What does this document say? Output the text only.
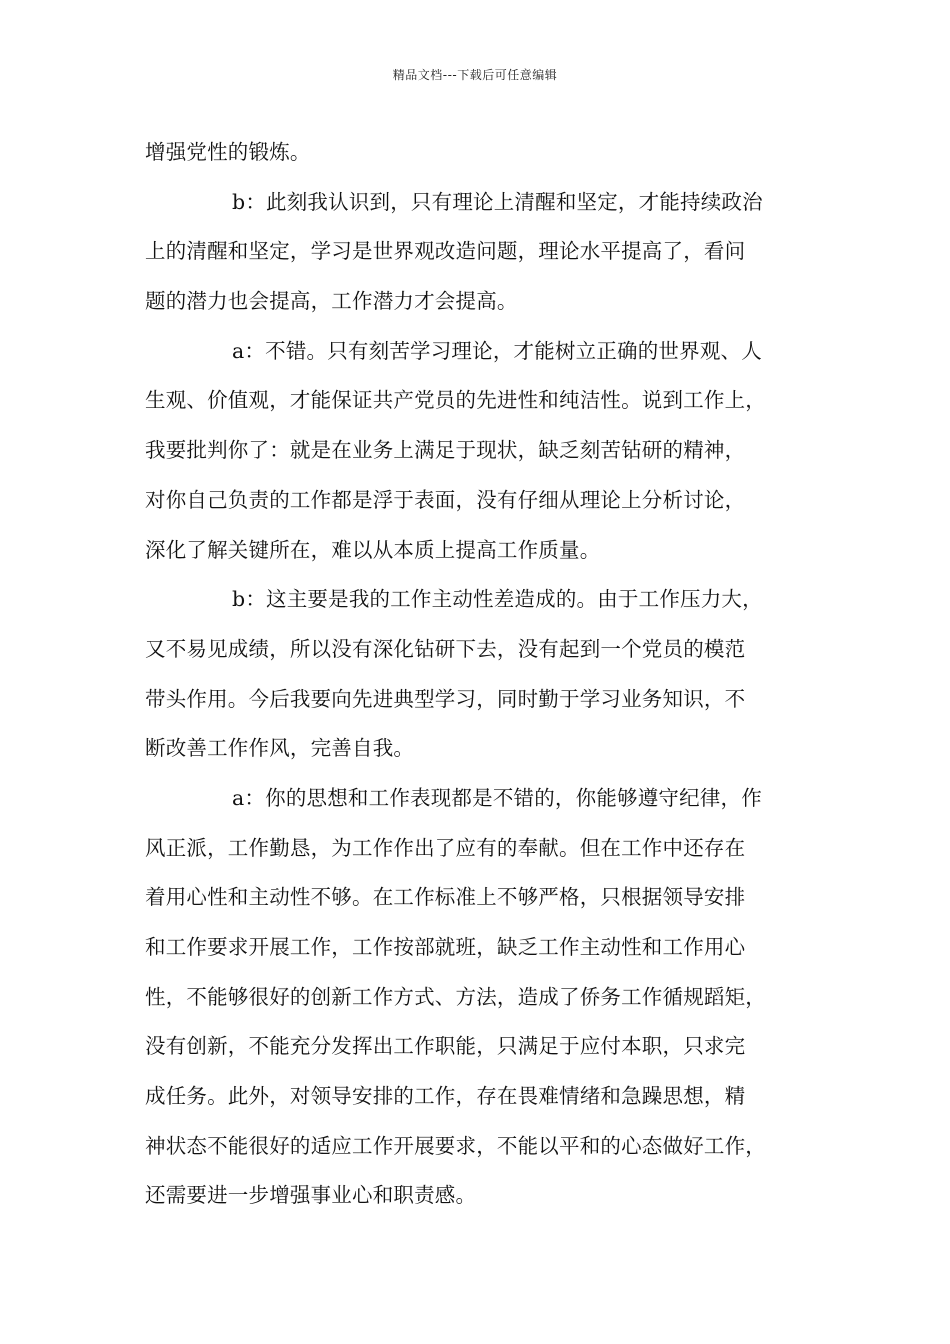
精品文档---下载后可任意编辑
增强党性的锻炼。
b：此刻我认识到，只有理论上清醒和坚定，才能持续政治
上的清醒和坚定，学习是世界观改造问题，理论水平提高了，看问
题的潜力也会提高，工作潜力才会提高。
a：不错。只有刻苦学习理论，才能树立正确的世界观、人
生观、价值观，才能保证共产党员的先进性和纯洁性。说到工作上，
我要批判你了：就是在业务上满足于现状，缺乏刻苦钻研的精神，
对你自己负责的工作都是浮于表面，没有仔细从理论上分析讨论，
深化了解关键所在，难以从本质上提高工作质量。
b：这主要是我的工作主动性差造成的。由于工作压力大，
又不易见成绩，所以没有深化钻研下去，没有起到一个党员的模范
带头作用。今后我要向先进典型学习，同时勤于学习业务知识，不
断改善工作作风，完善自我。
a：你的思想和工作表现都是不错的，你能够遵守纪律，作
风正派，工作勤恳，为工作作出了应有的奉献。但在工作中还存在
着用心性和主动性不够。在工作标准上不够严格，只根据领导安排
和工作要求开展工作，工作按部就班，缺乏工作主动性和工作用心
性，不能够很好的创新工作方式、方法，造成了侨务工作循规蹈矩，
没有创新，不能充分发挥出工作职能，只满足于应付本职，只求完
成任务。此外，对领导安排的工作，存在畏难情绪和急躁思想，精
神状态不能很好的适应工作开展要求，不能以平和的心态做好工作，
还需要进一步增强事业心和职责感。
